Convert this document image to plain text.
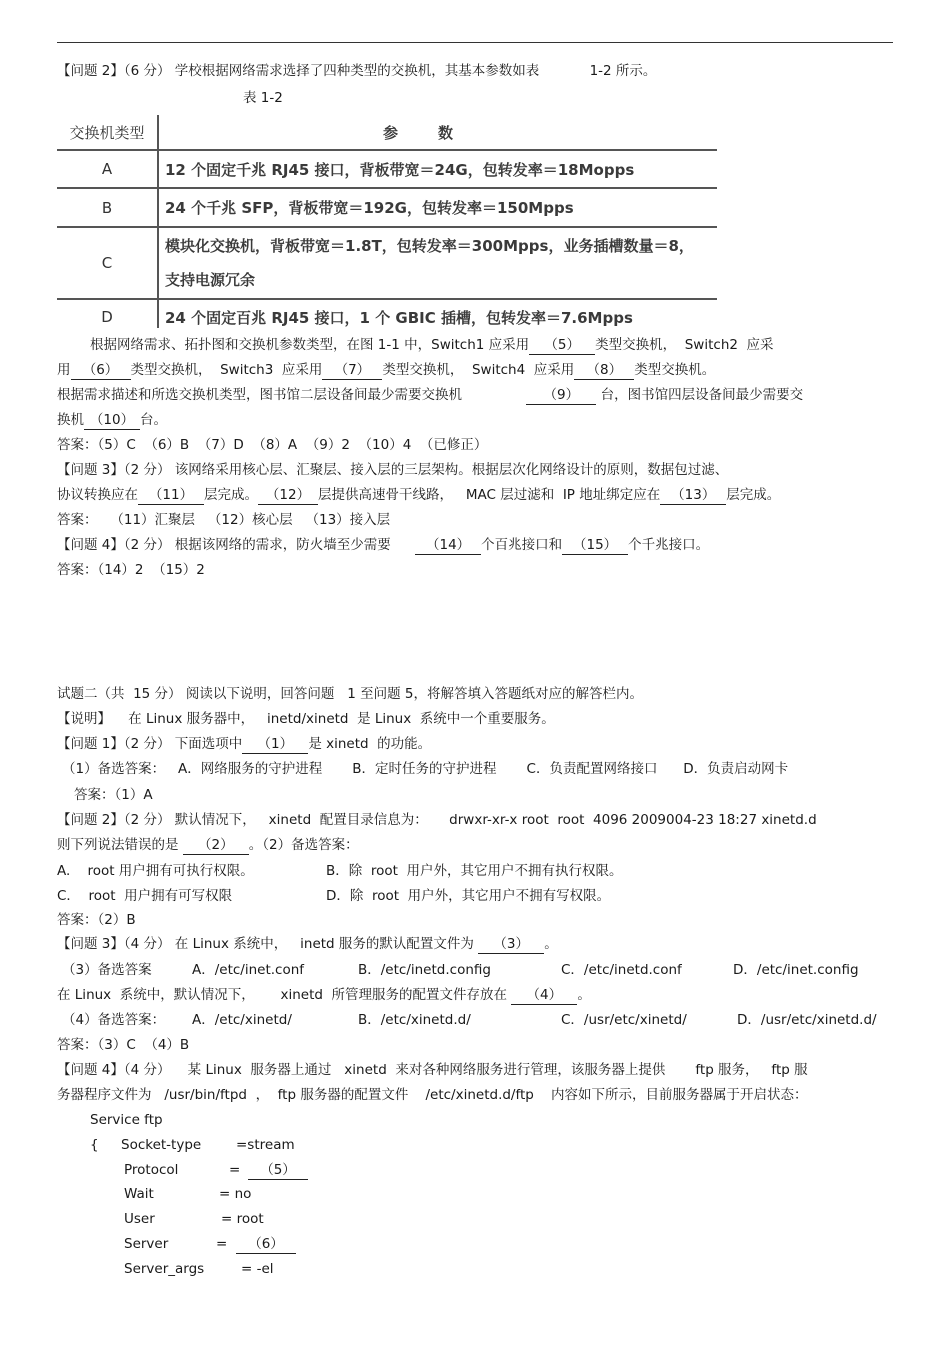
【问题 2】（6 分） 学校根据网络需求选择了四种类型的交换机，其基本参数如表	1-2 所示。
表 1-2
交换机类型	参数
A	12 个固定千兆 RJ45 接口，背板带宽＝24G，包转发率＝18Mopps
B	24 个千兆 SFP，背板带宽＝192G，包转发率＝150Mpps
C	模块化交换机，背板带宽＝1.8T，包转发率＝300Mpps，业务插槽数量＝8，
支持电源冗余
D	24 个固定百兆 RJ45 接口，1 个 GBIC 插槽，包转发率＝7.6Mpps
根据网络需求、拓扑图和交换机参数类型，在图 1-1 中，Switch1 应采用 （5） 类型交换机，  Switch2  应采
用 （6） 类型交换机，  Switch3  应采用 （7） 类型交换机，  Switch4  应采用 （8） 类型交换机。
根据需求描述和所选交换机类型，图书馆二层设备间最少需要交换机	（9） 台，图书馆四层设备间最少需要交
换机 （10） 台。
答案：（5）C  （6）B  （7）D  （8）A  （9）2  （10）4  （已修正）
【问题 3】（2 分） 该网络采用核心层、汇聚层、接入层的三层架构。根据层次化网络设计的原则，数据包过滤、
协议转换应在 （11） 层完成。 （12） 层提供高速骨干线路，   MAC 层过滤和  IP 地址绑定应在 （13） 层完成。
答案：   （11）汇聚层   （12）核心层   （13）接入层
【问题 4】（2 分） 根据该网络的需求，防火墙至少需要 （14） 个百兆接口和 （15） 个千兆接口。
答案：（14）2  （15）2
试题二（共  15 分） 阅读以下说明，回答问题   1 至问题 5，将解答填入答题纸对应的解答栏内。
【说明】    在 Linux 服务器中，   inetd/xinetd  是 Linux  系统中一个重要服务。
【问题 1】（2 分） 下面选项中 （1） 是 xinetd  的功能。
（1）备选答案：   A．网络服务的守护进程       B．定时任务的守护进程       C．负责配置网络接口      D．负责启动网卡
答案：（1）A
【问题 2】（2 分） 默认情况下，   xinetd  配置目录信息为：     drwxr-xr-x root  root  4096 2009004-23 18:27 xinetd.d
则下列说法错误的是 （2） 。（2）备选答案：
A.    root 用户拥有可执行权限。	B．除  root  用户外，其它用户不拥有执行权限。
C．  root  用户拥有可写权限	D．除  root  用户外，其它用户不拥有写权限。
答案：（2）B
【问题 3】（4 分） 在 Linux 系统中，   inetd 服务的默认配置文件为 （3） 。
（3）备选答案	A．/etc/inet.conf	B．/etc/inetd.config	C．/etc/inetd.conf	D．/etc/inet.config
在 Linux  系统中，默认情况下，      xinetd  所管理服务的配置文件存放在 （4） 。
（4）备选答案： A．/etc/xinetd/	B．/etc/xinetd.d/	C．/usr/etc/xinetd/	D．/usr/etc/xinetd.d/
答案：（3）C  （4）B
【问题 4】（4 分）    某 Linux  服务器上通过   xinetd  来对各种网络服务进行管理，该服务器上提供       ftp 服务，   ftp 服
务器程序文件为   /usr/bin/ftpd  ，  ftp 服务器的配置文件    /etc/xinetd.d/ftp    内容如下所示，目前服务器属于开启状态：
Service ftp
{ Socket-type	=stream
Protocol	=	（5）
Wait	= no
User	= root
Server	=	（6）
Server_args	= -el
